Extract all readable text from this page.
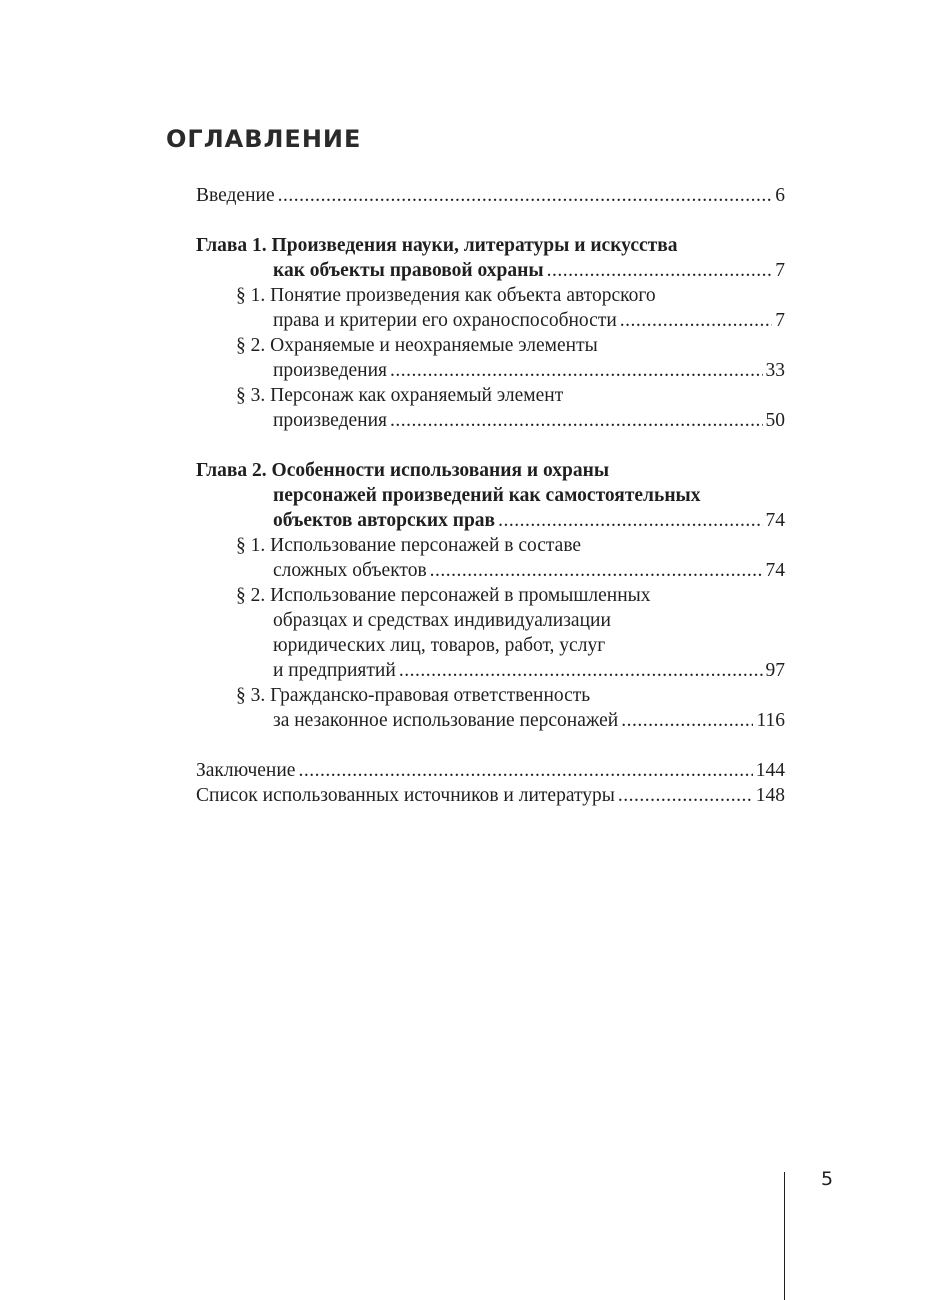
ОГЛАВЛЕНИЕ
Введение .....	6
Глава 1. Произведения науки, литературы и искусства
как объекты правовой охраны .....	7
§ 1. Понятие произведения как объекта авторского
права и критерии его охраноспособности .....	7
§ 2. Охраняемые и неохраняемые элементы
произведения .....	33
§ 3. Персонаж как охраняемый элемент
произведения .....	50
Глава 2. Особенности использования и охраны
персонажей произведений как самостоятельных
объектов авторских прав .....	74
§ 1. Использование персонажей в составе
сложных объектов .....	74
§ 2. Использование персонажей в промышленных
образцах и средствах индивидуализации
юридических лиц, товаров, работ, услуг
и предприятий .....	97
§ 3. Гражданско-правовая ответственность
за незаконное использование персонажей .....	116
Заключение .....	144
Список использованных источников и литературы .....	148
5
